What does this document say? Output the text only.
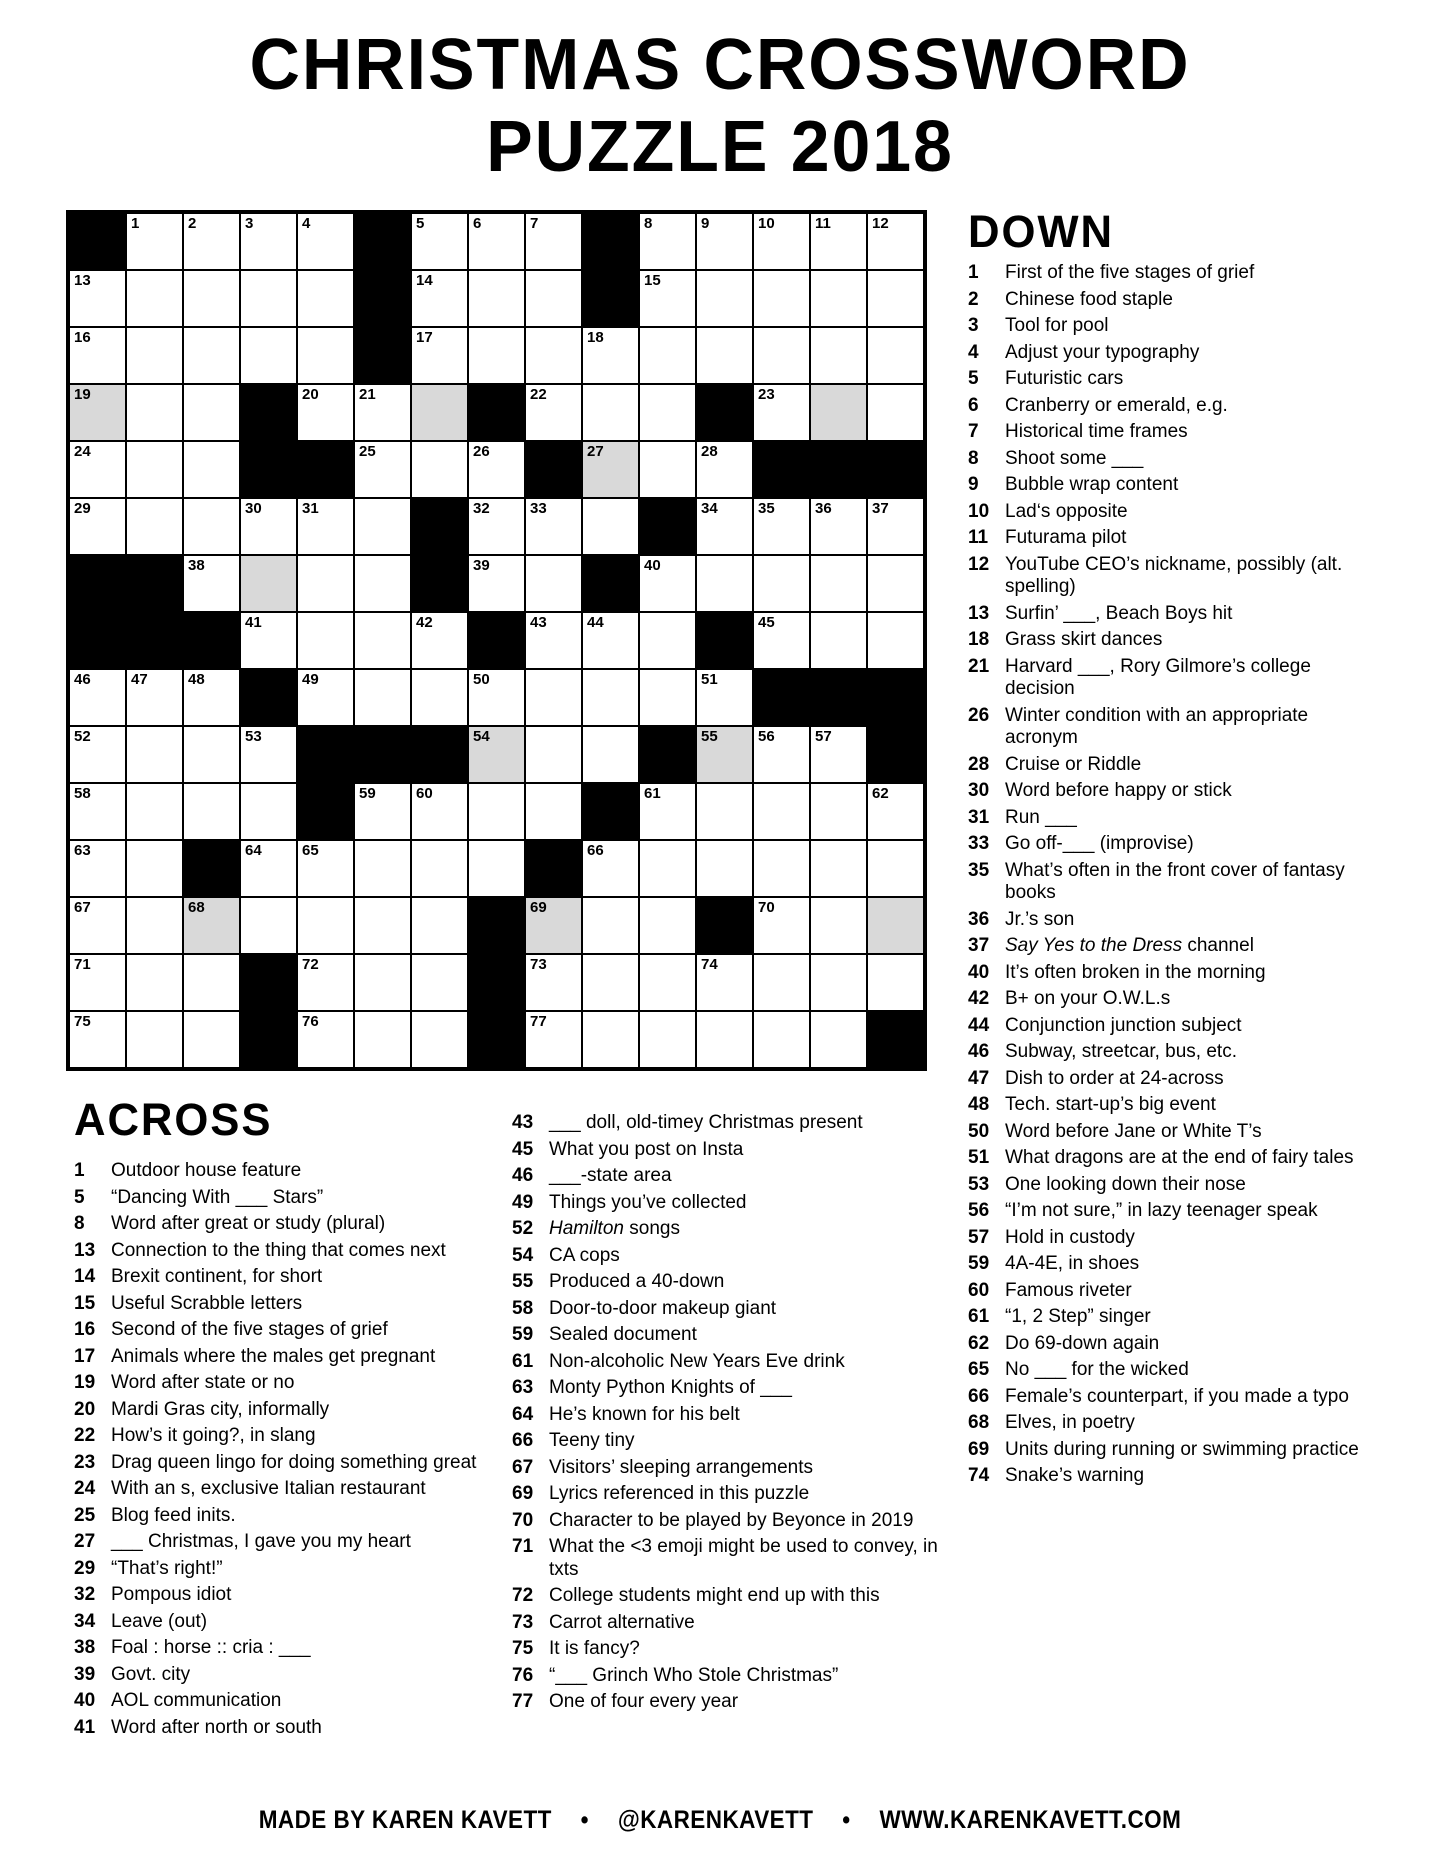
CHRISTMAS CROSSWORD
PUZZLE 2018
1	2	3	4	5	6	7	8	9	10	11	12
13	14	15
16	17	18
19	20	21	22	23
24	25	26	27	28
29	30	31	32	33	34	35	36	37
38	39	40
41	42	43	44	45
46	47	48	49	50	51
52	53	54	55	56	57
58	59	60	61	62
63	64	65	66
67	68	69	70
71	72	73	74
75	76	77
DOWN
1	First of the five stages of grief
2	Chinese food staple
3	Tool for pool
4	Adjust your typography
5	Futuristic cars
6	Cranberry or emerald, e.g.
7	Historical time frames
8	Shoot some ___
9	Bubble wrap content
10 Lad‘s opposite
11 Futurama pilot
12 YouTube CEO’s nickname, possibly (alt. spelling)
13 Surfin’ ___, Beach Boys hit
18 Grass skirt dances
21 Harvard ___, Rory Gilmore’s college decision
26 Winter condition with an appropriate acronym
28 Cruise or Riddle
30 Word before happy or stick
31 Run ___
33 Go off-___ (improvise)
35 What’s often in the front cover of fantasy books
36 Jr.’s son
37 Say Yes to the Dress channel
40 It’s often broken in the morning
42 B+ on your O.W.L.s
44 Conjunction junction subject
46 Subway, streetcar, bus, etc.
47 Dish to order at 24-across
48 Tech. start-up’s big event
50 Word before Jane or White T’s
51 What dragons are at the end of fairy tales
53 One looking down their nose
56 “I’m not sure,” in lazy teenager speak
57 Hold in custody
59 4A-4E, in shoes
60 Famous riveter
61 “1, 2 Step” singer
62 Do 69-down again
65 No ___ for the wicked
66 Female’s counterpart, if you made a typo
68 Elves, in poetry
69 Units during running or swimming practice
74 Snake’s warning
ACROSS
1	Outdoor house feature
5	“Dancing With ___ Stars”
8	Word after great or study (plural)
13 Connection to the thing that comes next
14 Brexit continent, for short
15 Useful Scrabble letters
16 Second of the five stages of grief
17 Animals where the males get pregnant
19 Word after state or no
20 Mardi Gras city, informally
22 How’s it going?, in slang
23 Drag queen lingo for doing something great
24 With an s, exclusive Italian restaurant
25 Blog feed inits.
27 ___ Christmas, I gave you my heart
29 “That’s right!”
32 Pompous idiot
34 Leave (out)
38 Foal : horse :: cria : ___
39 Govt. city
40 AOL communication
41 Word after north or south
43 ___ doll, old-timey Christmas present
45 What you post on Insta
46 ___-state area
49 Things you’ve collected
52 Hamilton songs
54 CA cops
55 Produced a 40-down
58 Door-to-door makeup giant
59 Sealed document
61 Non-alcoholic New Years Eve drink
63 Monty Python Knights of ___
64 He’s known for his belt
66 Teeny tiny
67 Visitors’ sleeping arrangements
69 Lyrics referenced in this puzzle
70 Character to be played by Beyonce in 2019
71 What the <3 emoji might be used to convey, in txts
72 College students might end up with this
73 Carrot alternative
75 It is fancy?
76 “___ Grinch Who Stole Christmas”
77 One of four every year
MADE BY KAREN KAVETT • @KARENKAVETT • WWW.KARENKAVETT.COM
